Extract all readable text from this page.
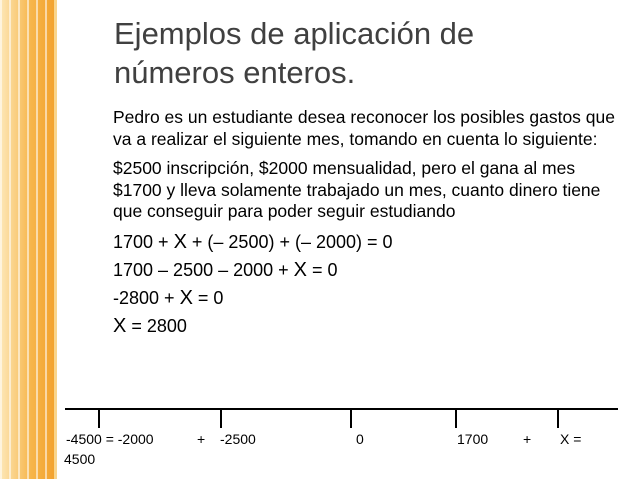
Ejemplos de aplicación de
números enteros.

Pedro es un estudiante desea reconocer los posibles gastos que va a realizar el siguiente mes, tomando en cuenta lo siguiente:

$2500 inscripción, $2000 mensualidad, pero el gana al mes $1700 y lleva solamente trabajado un mes, cuanto dinero tiene que conseguir para poder seguir estudiando

1700 + X + (– 2500) + (– 2000) = 0
1700 – 2500 – 2000 + X = 0
-2800 + X = 0
X = 2800
-4500 = -2000	+ -2500	0	1700 + X =
4500
